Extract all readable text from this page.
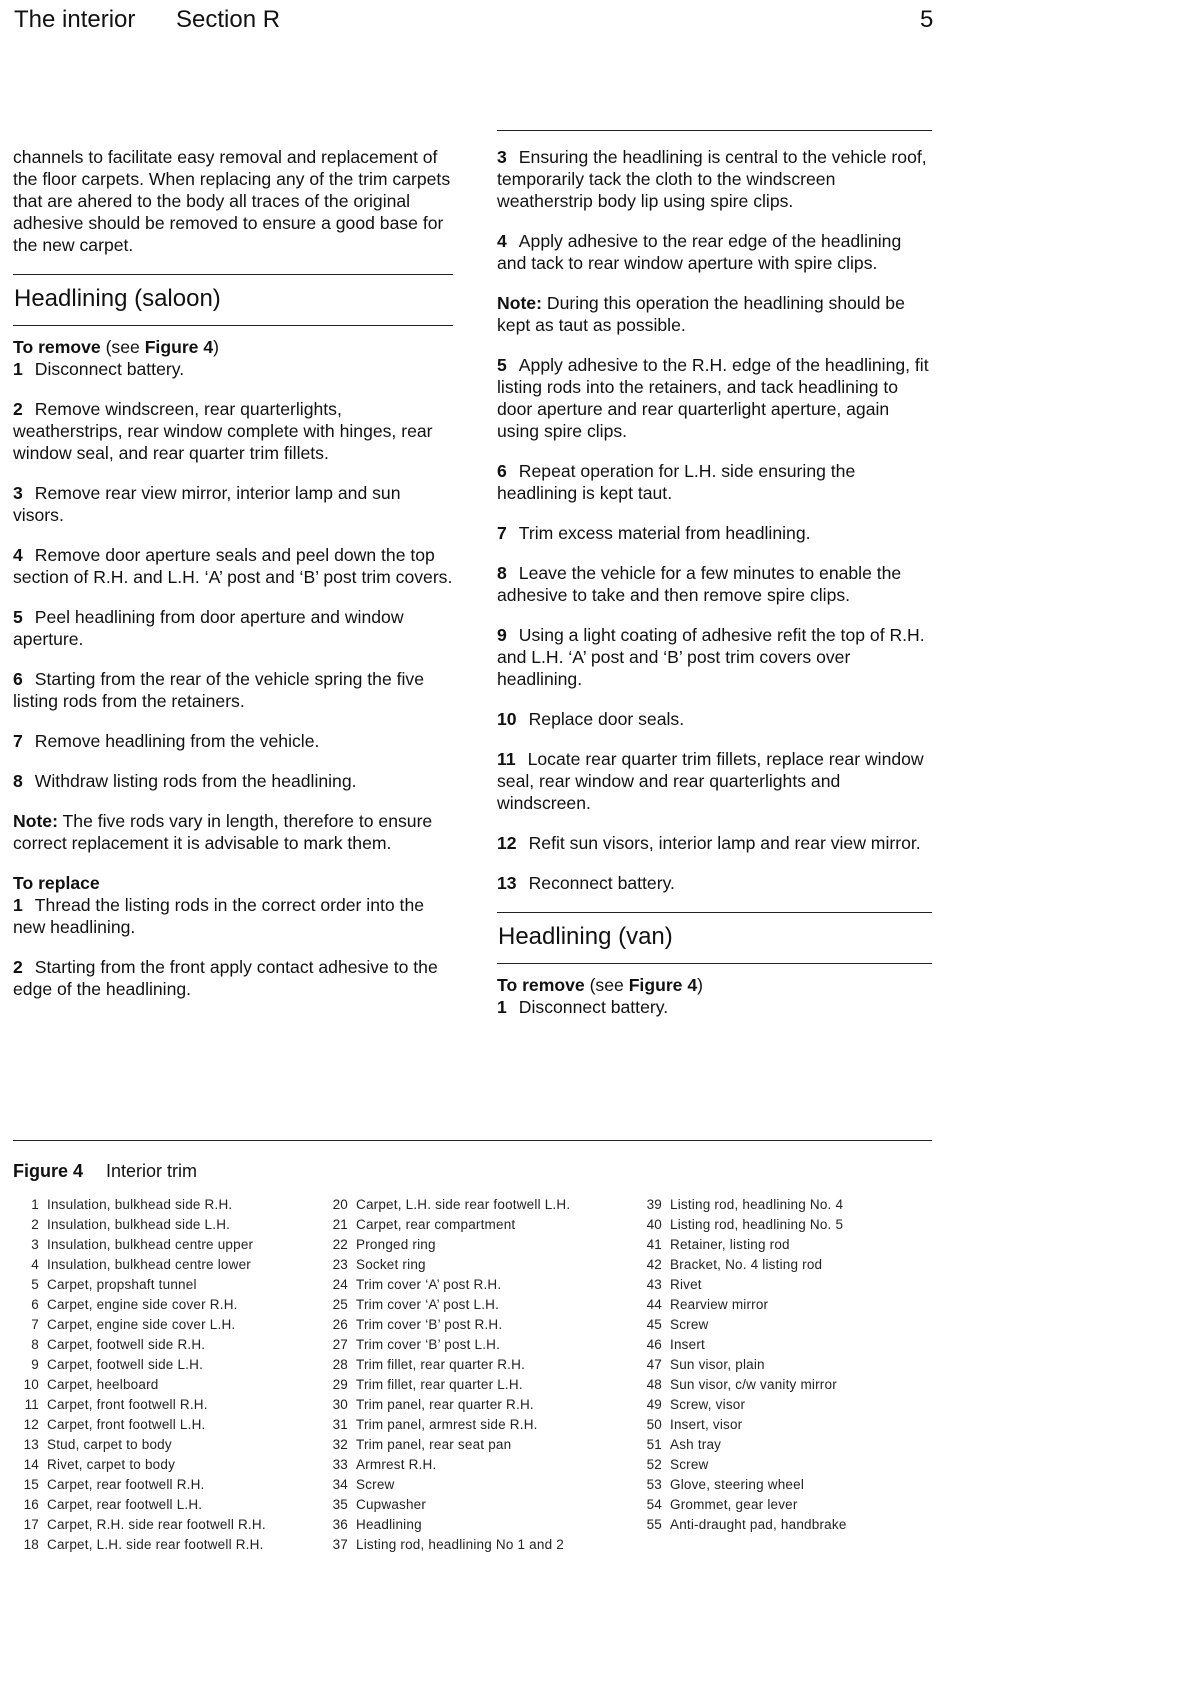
The interior Section R	5

channels to facilitate easy removal and replacement of the floor carpets. When replacing any of the trim carpets that are ahered to the body all traces of the original adhesive should be removed to ensure a good base for the new carpet.

Headlining (saloon)

To remove (see Figure 4)

1 Disconnect battery.

2 Remove windscreen, rear quarterlights, weatherstrips, rear window complete with hinges, rear window seal, and rear quarter trim fillets.

3 Remove rear view mirror, interior lamp and sun visors.

4 Remove door aperture seals and peel down the top section of R.H. and L.H. ‘A’ post and ‘B’ post trim covers.

5 Peel headlining from door aperture and window aperture.

6 Starting from the rear of the vehicle spring the five listing rods from the retainers.

7 Remove headlining from the vehicle.

8 Withdraw listing rods from the headlining.

Note: The five rods vary in length, therefore to ensure correct replacement it is advisable to mark them.

To replace

1 Thread the listing rods in the correct order into the new headlining.

2 Starting from the front apply contact adhesive to the edge of the headlining.

3 Ensuring the headlining is central to the vehicle roof, temporarily tack the cloth to the windscreen weatherstrip body lip using spire clips.

4 Apply adhesive to the rear edge of the headlining and tack to rear window aperture with spire clips.

Note: During this operation the headlining should be kept as taut as possible.

5 Apply adhesive to the R.H. edge of the headlining, fit listing rods into the retainers, and tack headlining to door aperture and rear quarterlight aperture, again using spire clips.

6 Repeat operation for L.H. side ensuring the headlining is kept taut.

7 Trim excess material from headlining.

8 Leave the vehicle for a few minutes to enable the adhesive to take and then remove spire clips.

9 Using a light coating of adhesive refit the top of R.H. and L.H. ‘A’ post and ‘B’ post trim covers over headlining.

10 Replace door seals.

11 Locate rear quarter trim fillets, replace rear window seal, rear window and rear quarterlights and windscreen.

12 Refit sun visors, interior lamp and rear view mirror.

13 Reconnect battery.

Headlining (van)

To remove (see Figure 4)

1 Disconnect battery.

Figure 4 Interior trim
1 Insulation, bulkhead side R.H.
2 Insulation, bulkhead side L.H.
3 Insulation, bulkhead centre upper
4 Insulation, bulkhead centre lower
5 Carpet, propshaft tunnel
6 Carpet, engine side cover R.H.
7 Carpet, engine side cover L.H.
8 Carpet, footwell side R.H.
9 Carpet, footwell side L.H.
10 Carpet, heelboard
11 Carpet, front footwell R.H.
12 Carpet, front footwell L.H.
13 Stud, carpet to body
14 Rivet, carpet to body
15 Carpet, rear footwell R.H.
16 Carpet, rear footwell L.H.
17 Carpet, R.H. side rear footwell R.H.
18 Carpet, L.H. side rear footwell R.H.
20 Carpet, L.H. side rear footwell L.H.
21 Carpet, rear compartment
22 Pronged ring
23 Socket ring
24 Trim cover ‘A’ post R.H.
25 Trim cover ‘A’ post L.H.
26 Trim cover ‘B’ post R.H.
27 Trim cover ‘B’ post L.H.
28 Trim fillet, rear quarter R.H.
29 Trim fillet, rear quarter L.H.
30 Trim panel, rear quarter R.H.
31 Trim panel, armrest side R.H.
32 Trim panel, rear seat pan
33 Armrest R.H.
34 Screw
35 Cupwasher
36 Headlining
37 Listing rod, headlining No 1 and 2
39 Listing rod, headlining No. 4
40 Listing rod, headlining No. 5
41 Retainer, listing rod
42 Bracket, No. 4 listing rod
43 Rivet
44 Rearview mirror
45 Screw
46 Insert
47 Sun visor, plain
48 Sun visor, c/w vanity mirror
49 Screw, visor
50 Insert, visor
51 Ash tray
52 Screw
53 Glove, steering wheel
54 Grommet, gear lever
55 Anti-draught pad, handbrake
